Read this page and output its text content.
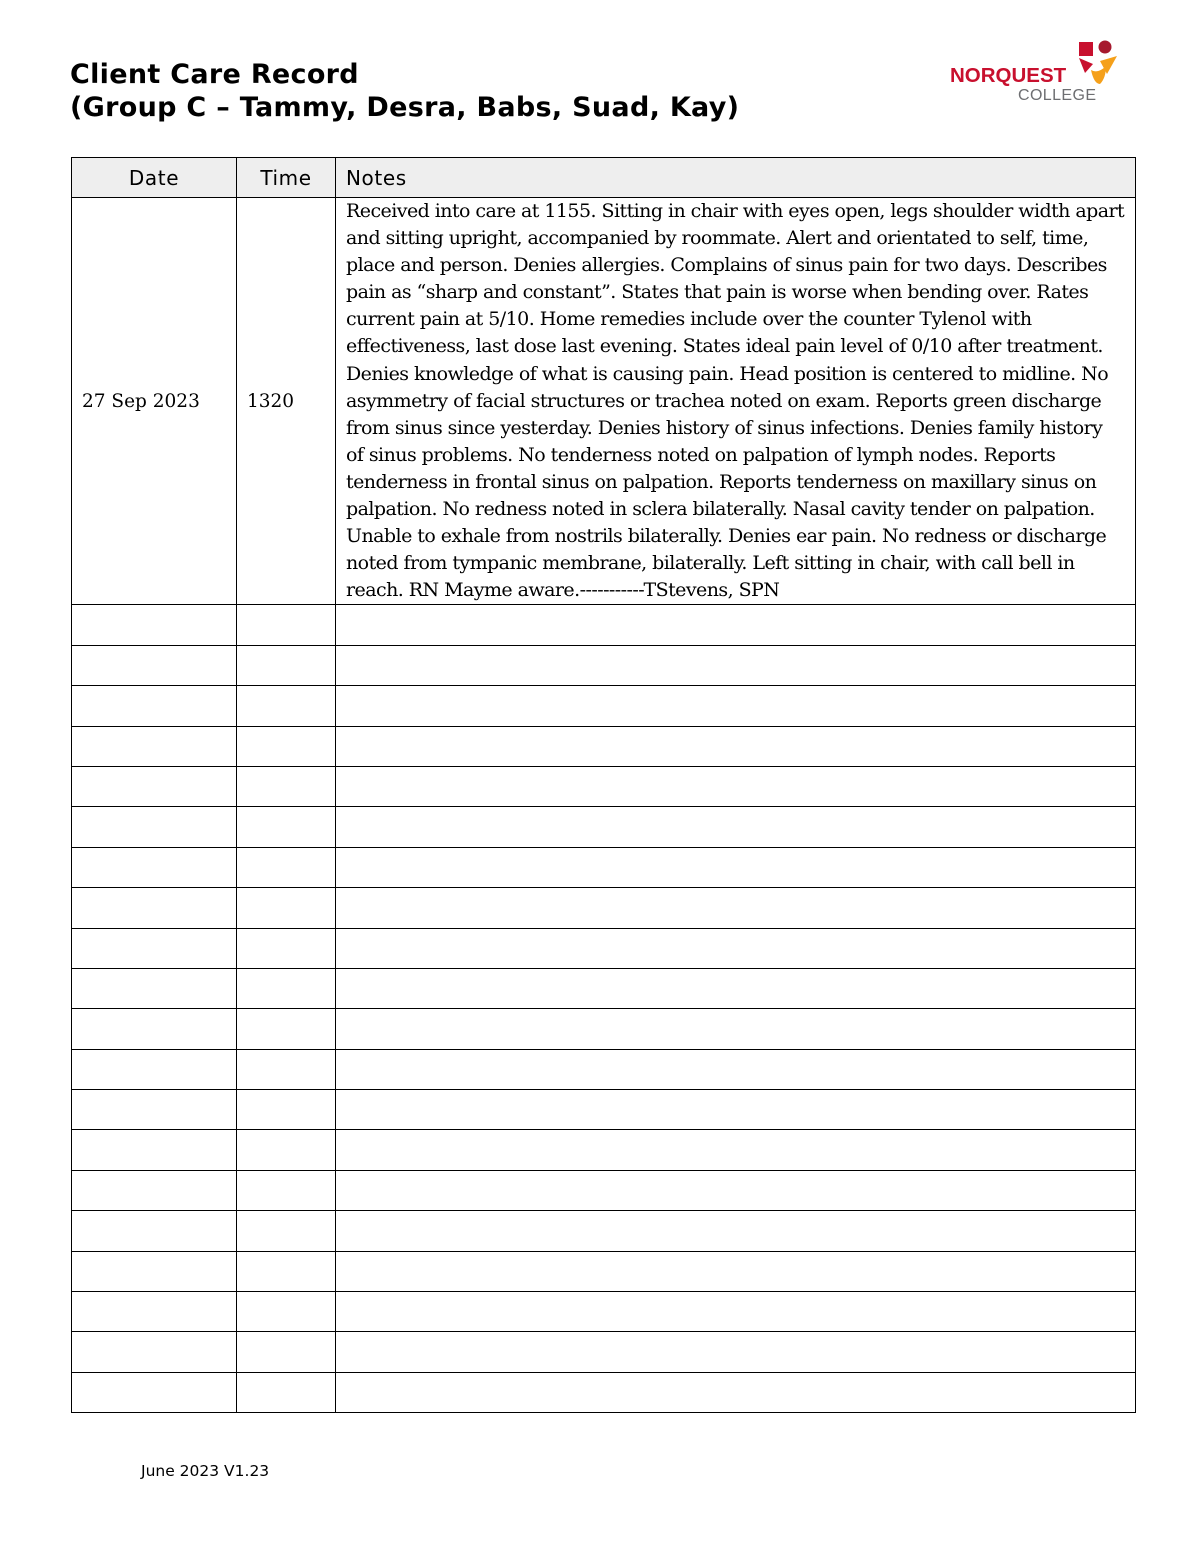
Client Care Record
(Group C – Tammy, Desra, Babs, Suad, Kay)
NORQUEST
COLLEGE
Date	Time	Notes
27 Sep 2023	1320	Received into care at 1155. Sitting in chair with eyes open, legs shoulder width apart and sitting upright, accompanied by roommate. Alert and orientated to self, time, place and person. Denies allergies. Complains of sinus pain for two days. Describes pain as “sharp and constant”. States that pain is worse when bending over. Rates current pain at 5/10. Home remedies include over the counter Tylenol with effectiveness, last dose last evening. States ideal pain level of 0/10 after treatment. Denies knowledge of what is causing pain. Head position is centered to midline. No asymmetry of facial structures or trachea noted on exam. Reports green discharge from sinus since yesterday. Denies history of sinus infections. Denies family history of sinus problems. No tenderness noted on palpation of lymph nodes. Reports tenderness in frontal sinus on palpation. Reports tenderness on maxillary sinus on palpation. No redness noted in sclera bilaterally. Nasal cavity tender on palpation. Unable to exhale from nostrils bilaterally. Denies ear pain. No redness or discharge noted from tympanic membrane, bilaterally. Left sitting in chair, with call bell in reach. RN Mayme aware.-----------TStevens, SPN

June 2023 V1.23
